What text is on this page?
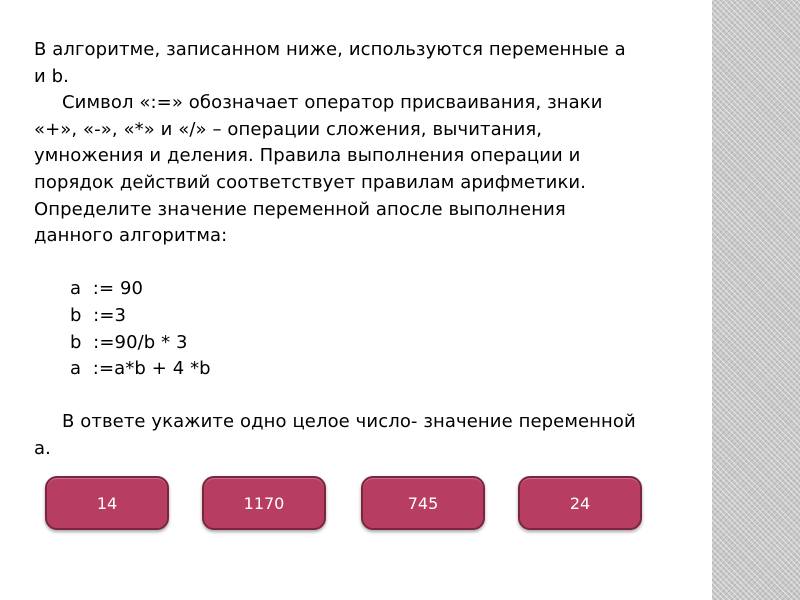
В алгоритме, записанном ниже, используются переменные а

и b.

Символ «:=» обозначает оператор присваивания, знаки

«+», «-», «*» и «/» – операции сложения, вычитания,

умножения и деления. Правила выполнения операции и

порядок действий соответствует правилам арифметики.

Определите значение переменной апосле выполнения

данного алгоритма:

a  := 90

b  :=3

b  :=90/b * 3

a  :=a*b + 4 *b

В ответе укажите одно целое число- значение переменной

а.

14	1170	745	24
